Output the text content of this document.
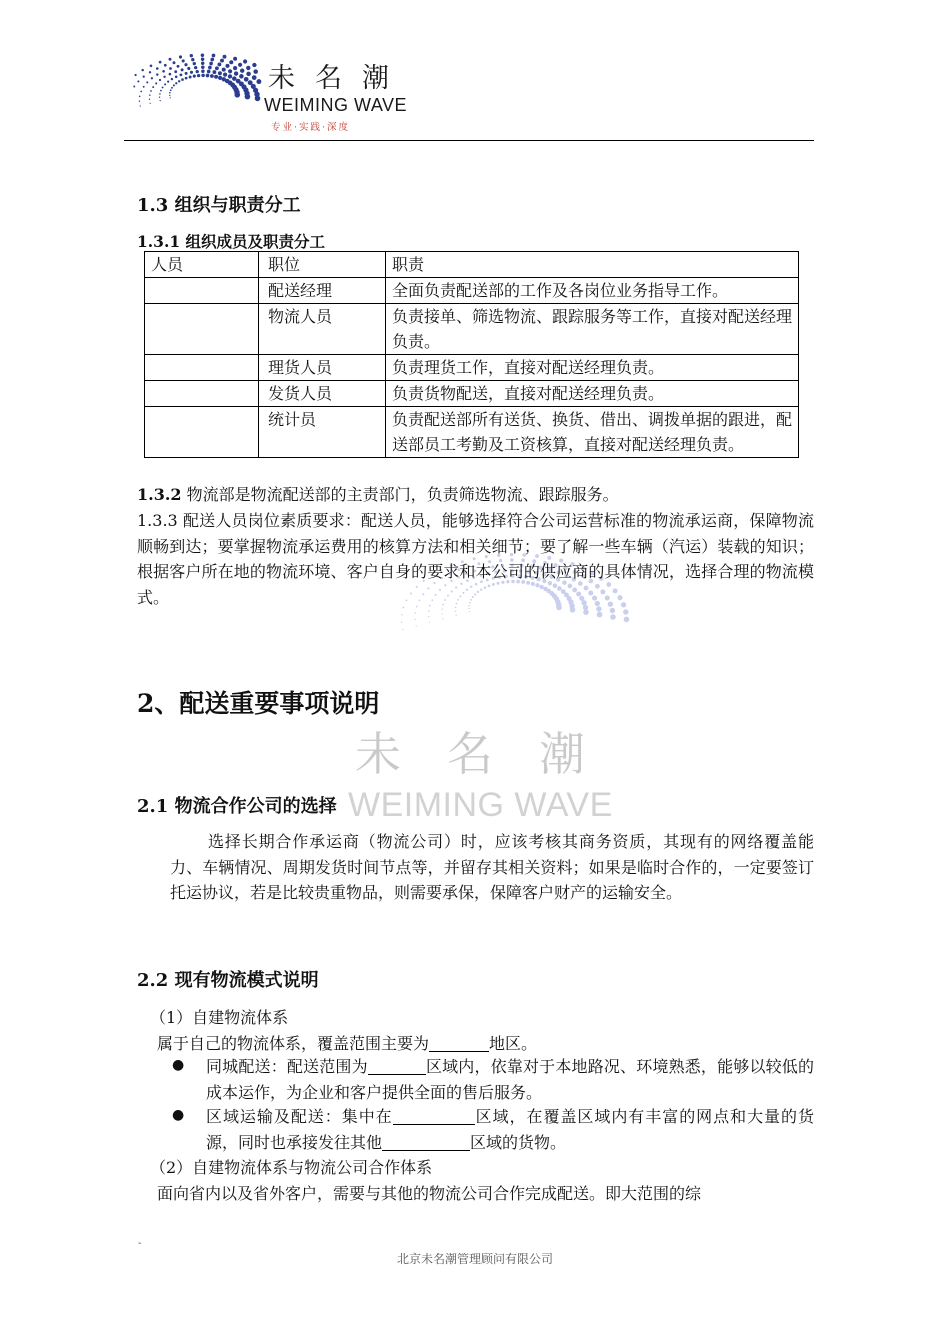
未名潮
WEIMING WAVE
专业·实践·深度
未名潮
WEIMING WAVE
1.3 组织与职责分工
1.3.1 组织成员及职责分工
人员	职位	职责
	配送经理	全面负责配送部的工作及各岗位业务指导工作。
	物流人员	负责接单、筛选物流、跟踪服务等工作，直接对配送经理负责。
	理货人员	负责理货工作，直接对配送经理负责。
	发货人员	负责货物配送，直接对配送经理负责。
	统计员	负责配送部所有送货、换货、借出、调拨单据的跟进，配送部员工考勤及工资核算，直接对配送经理负责。
1.3.2 物流部是物流配送部的主责部门，负责筛选物流、跟踪服务。
1.3.3 配送人员岗位素质要求：配送人员，能够选择符合公司运营标准的物流承运商，保障物流顺畅到达；要掌握物流承运费用的核算方法和相关细节；要了解一些车辆（汽运）装载的知识；根据客户所在地的物流环境、客户自身的要求和本公司的供应商的具体情况，选择合理的物流模式。
2、配送重要事项说明
2.1 物流合作公司的选择
选择长期合作承运商（物流公司）时，应该考核其商务资质，其现有的网络覆盖能力、车辆情况、周期发货时间节点等，并留存其相关资料；如果是临时合作的，一定要签订托运协议，若是比较贵重物品，则需要承保，保障客户财产的运输安全。
2.2 现有物流模式说明
（1）自建物流体系
属于自己的物流体系，覆盖范围主要为	地区。
● 同城配送：配送范围为	区域内，依靠对于本地路况、环境熟悉，能够以较低的成本运作，为企业和客户提供全面的售后服务。
● 区域运输及配送：集中在	区域，在覆盖区域内有丰富的网点和大量的货源，同时也承接发往其他	区域的货物。
（2）自建物流体系与物流公司合作体系
面向省内以及省外客户，需要与其他的物流公司合作完成配送。即大范围的综
-
北京未名潮管理顾问有限公司
